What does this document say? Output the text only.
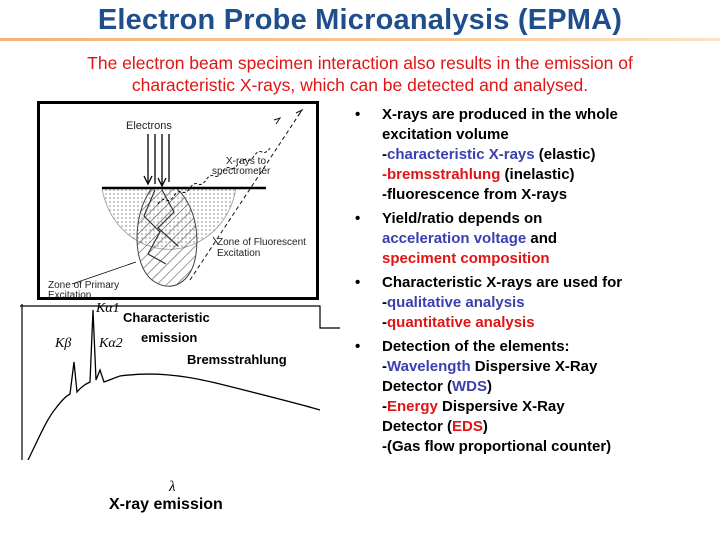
Electron Probe Microanalysis (EPMA)
The electron beam specimen interaction also results in the emission of
characteristic X-rays, which can be detected and analysed.
Electrons
X-rays to
spectrometer
Zone of Fluorescent
Excitation
Zone of Primary
Excitation
Kα1
Kβ Kα2
Characteristic
emission
Bremsstrahlung
λ
X-ray emission
• X-rays are produced in the whole
excitation volume
-characteristic X-rays (elastic)
-bremsstrahlung (inelastic)
-fluorescence from X-rays
• Yield/ratio depends on
acceleration voltage and
speciment composition
• Characteristic X-rays are used for
-qualitative analysis
-quantitative analysis
• Detection of the elements:
-Wavelength Dispersive X-Ray
Detector (WDS)
-Energy Dispersive X-Ray
Detector (EDS)
-(Gas flow proportional counter)
